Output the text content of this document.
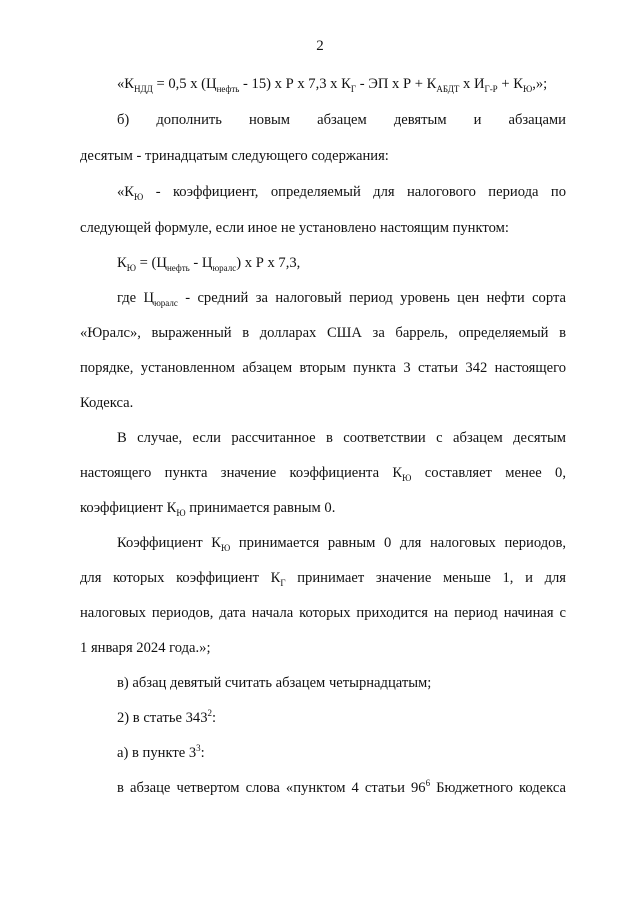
2
«$К_{НДД} = 0,5$ х $(Ц_{нефть} - 15)$ х Р х 7,3 х $К_Г$ - ЭП х $Р + К_{АБДТ}$ х $И_{Г-Р} + К_Ю$,»;
б) дополнить новым абзацем девятым и абзацами
десятым - тринадцатым следующего содержания:
«$К_Ю$ - коэффициент, определяемый для налогового периода по
следующей формуле, если иное не установлено настоящим пунктом:
$К_Ю = (Ц_{нефть} - Ц_{юралс})$ х Р х 7,3,
где $Ц_{юралс}$ - средний за налоговый период уровень цен нефти сорта
«Юралс», выраженный в долларах США за баррель, определяемый в
порядке, установленном абзацем вторым пункта 3 статьи 342 настоящего
Кодекса.
В случае, если рассчитанное в соответствии с абзацем десятым
настоящего пункта значение коэффициента $К_Ю$ составляет менее 0,
коэффициент $К_Ю$ принимается равным 0.
Коэффициент $К_Ю$ принимается равным 0 для налоговых периодов,
для которых коэффициент $К_Г$ принимает значение меньше 1, и для
налоговых периодов, дата начала которых приходится на период начиная с
1 января 2024 года.»;
в) абзац девятый считать абзацем четырнадцатым;
2) в статье $343^2$:
а) в пункте $3^3$:
в абзаце четвертом слова «пунктом 4 статьи $96^6$ Бюджетного кодекса
